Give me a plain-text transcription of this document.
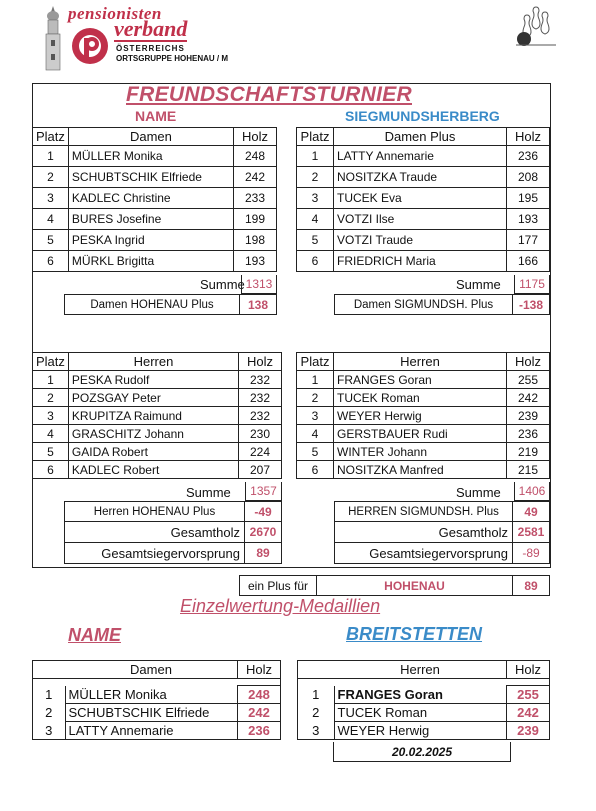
pensionisten
verband
ÖSTERREICHS
ORTSGRUPPE HOHENAU / M
FREUNDSCHAFTSTURNIER
NAME	SIEGMUNDSHERBERG
Platz	Damen	Holz
1	MÜLLER Monika	248
2	SCHUBTSCHIK Elfriede	242
3	KADLEC Christine	233
4	BURES Josefine	199
5	PESKA Ingrid	198
6	MÜRKL Brigitta	193
Summe 1313
Damen HOHENAU Plus	138
Platz	Damen Plus	Holz
1	LATTY Annemarie	236
2	NOSITZKA Traude	208
3	TUCEK Eva	195
4	VOTZI Ilse	193
5	VOTZI Traude	177
6	FRIEDRICH Maria	166
Summe 1175
Damen SIGMUNDSH. Plus	-138
Platz	Herren	Holz
1	PESKA Rudolf	232
2	POZSGAY Peter	232
3	KRUPITZA Raimund	232
4	GRASCHITZ Johann	230
5	GAIDA Robert	224
6	KADLEC Robert	207
Summe 1357
Herren HOHENAU Plus	-49
Gesamtholz 2670
Gesamtsiegervorsprung	89
Platz	Herren	Holz
1	FRANGES Goran	255
2	TUCEK Roman	242
3	WEYER Herwig	239
4	GERSTBAUER Rudi	236
5	WINTER Johann	219
6	NOSITZKA Manfred	215
Summe 1406
HERREN SIGMUNDSH. Plus	49
Gesamtholz 2581
Gesamtsiegervorsprung	-89
ein Plus für	HOHENAU	89
Einzelwertung-Medaillien
NAME	BREITSTETTEN
	Damen	Holz

1	MÜLLER Monika	248
2	SCHUBTSCHIK Elfriede	242
3	LATTY Annemarie	236
	Herren	Holz

1	FRANGES Goran	255
2	TUCEK Roman	242
3	WEYER Herwig	239
20.02.2025
